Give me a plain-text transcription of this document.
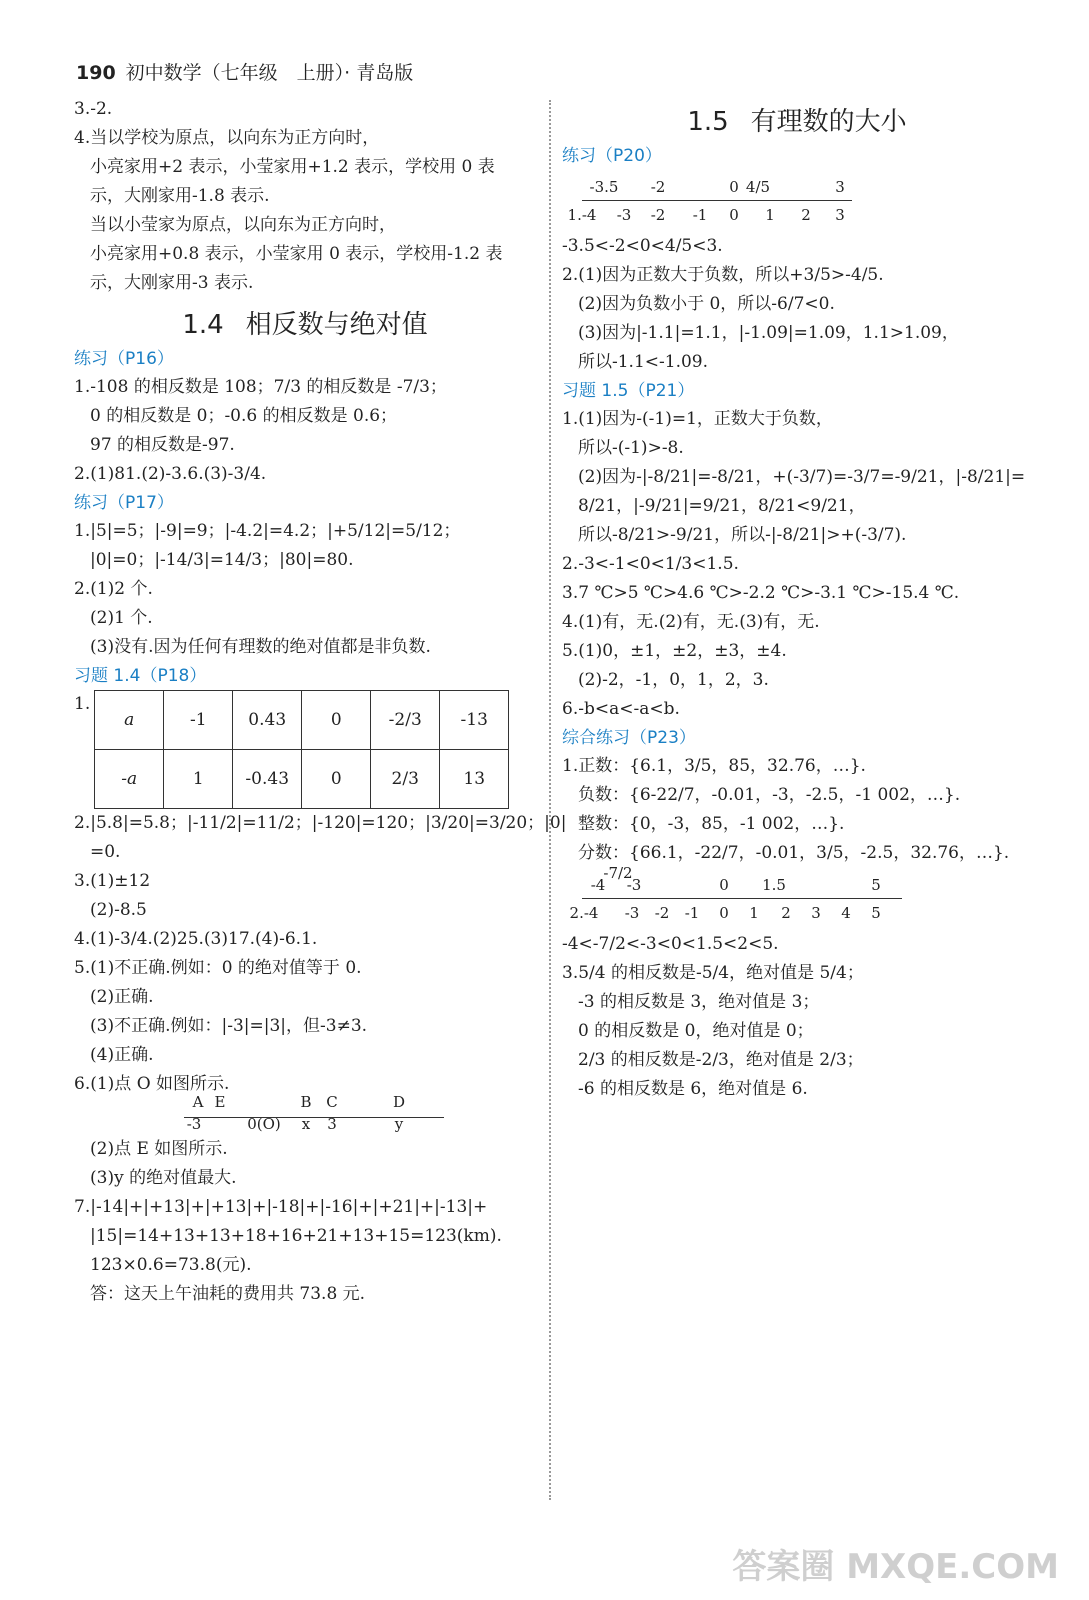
190 初中数学（七年级　上册）· 青岛版
3.-2.
4.当以学校为原点，以向东为正方向时，
小亮家用+2 表示，小莹家用+1.2 表示，学校用 0 表
示，大刚家用-1.8 表示.
当以小莹家为原点，以向东为正方向时，
小亮家用+0.8 表示，小莹家用 0 表示，学校用-1.2 表
示，大刚家用-3 表示.
1.4 相反数与绝对值
练习（P16）
1.-108 的相反数是 108；7/3 的相反数是 -7/3；
0 的相反数是 0；-0.6 的相反数是 0.6；
97 的相反数是-97.
2.(1)81.(2)-3.6.(3)-3/4.
练习（P17）
1.|5|=5；|-9|=9；|-4.2|=4.2；|+5/12|=5/12；
|0|=0；|-14/3|=14/3；|80|=80.
2.(1)2 个.
(2)1 个.
(3)没有.因为任何有理数的绝对值都是非负数.
习题 1.4（P18）
1.
a	-1	0.43	0	-2/3	-13
-a	1	-0.43	0	2/3	13
2.|5.8|=5.8；|-11/2|=11/2；|-120|=120；|3/20|=3/20；|0|
=0.
3.(1)±12
(2)-8.5
4.(1)-3/4.(2)25.(3)17.(4)-6.1.
5.(1)不正确.例如：0 的绝对值等于 0.
(2)正确.
(3)不正确.例如：|-3|=|3|，但-3≠3.
(4)正确.
6.(1)点 O 如图所示.
A E	B C	D
-3	0(O) x 3	y
(2)点 E 如图所示.
(3)y 的绝对值最大.
7.|-14|+|+13|+|+13|+|-18|+|-16|+|+21|+|-13|+
|15|=14+13+13+18+16+21+13+15=123(km).
123×0.6=73.8(元).
答：这天上午油耗的费用共 73.8 元.
1.5 有理数的大小
练习（P20）
-3.5 -2	0 4/5	3
1.-4 -3 -2 -1 0 1 2 3
-3.5<-2<0<4/5<3.
2.(1)因为正数大于负数，所以+3/5>-4/5.
(2)因为负数小于 0，所以-6/7<0.
(3)因为|-1.1|=1.1，|-1.09|=1.09，1.1>1.09，
所以-1.1<-1.09.
习题 1.5（P21）
1.(1)因为-(-1)=1，正数大于负数，
所以-(-1)>-8.
(2)因为-|-8/21|=-8/21，+(-3/7)=-3/7=-9/21，|-8/21|=
8/21，|-9/21|=9/21，8/21<9/21，
所以-8/21>-9/21，所以-|-8/21|>+(-3/7).
2.-3<-1<0<1/3<1.5.
3.7 ℃>5 ℃>4.6 ℃>-2.2 ℃>-3.1 ℃>-15.4 ℃.
4.(1)有，无.(2)有，无.(3)有，无.
5.(1)0，±1，±2，±3，±4.
(2)-2，-1，0，1，2，3.
6.-b<a<-a<b.
综合练习（P23）
1.正数：{6.1，3/5，85，32.76，…}.
负数：{6-22/7，-0.01，-3，-2.5，-1 002，…}.
整数：{0，-3，85，-1 002，…}.
分数：{66.1，-22/7，-0.01，3/5，-2.5，32.76，…}.
-4
-7/2
-3	0 1.5	5
2.-4 -3 -2 -1 0 1 2 3 4 5
-4<-7/2<-3<0<1.5<2<5.
3.5/4 的相反数是-5/4，绝对值是 5/4；
-3 的相反数是 3，绝对值是 3；
0 的相反数是 0，绝对值是 0；
2/3 的相反数是-2/3，绝对值是 2/3；
-6 的相反数是 6，绝对值是 6.
答案圈 MXQE.COM
